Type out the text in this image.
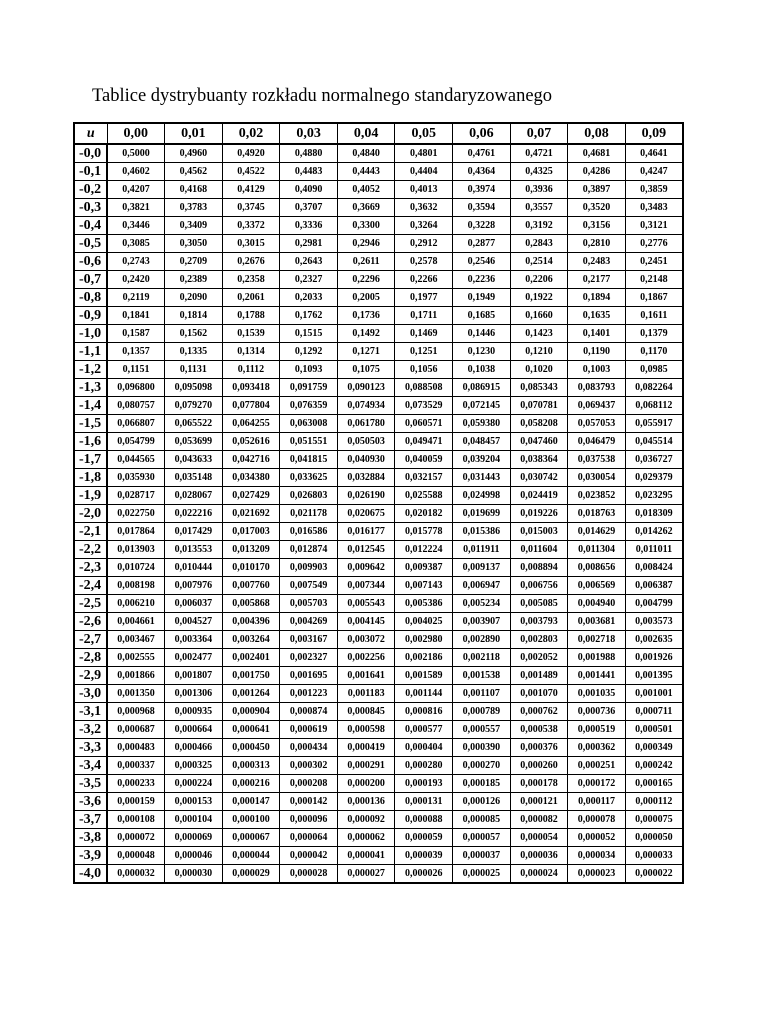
Tablice dystrybuanty rozkładu normalnego standaryzowanego
u	0,00	0,01	0,02	0,03	0,04	0,05	0,06	0,07	0,08	0,09
-0,0	0,5000	0,4960	0,4920	0,4880	0,4840	0,4801	0,4761	0,4721	0,4681	0,4641
-0,1	0,4602	0,4562	0,4522	0,4483	0,4443	0,4404	0,4364	0,4325	0,4286	0,4247
-0,2	0,4207	0,4168	0,4129	0,4090	0,4052	0,4013	0,3974	0,3936	0,3897	0,3859
-0,3	0,3821	0,3783	0,3745	0,3707	0,3669	0,3632	0,3594	0,3557	0,3520	0,3483
-0,4	0,3446	0,3409	0,3372	0,3336	0,3300	0,3264	0,3228	0,3192	0,3156	0,3121
-0,5	0,3085	0,3050	0,3015	0,2981	0,2946	0,2912	0,2877	0,2843	0,2810	0,2776
-0,6	0,2743	0,2709	0,2676	0,2643	0,2611	0,2578	0,2546	0,2514	0,2483	0,2451
-0,7	0,2420	0,2389	0,2358	0,2327	0,2296	0,2266	0,2236	0,2206	0,2177	0,2148
-0,8	0,2119	0,2090	0,2061	0,2033	0,2005	0,1977	0,1949	0,1922	0,1894	0,1867
-0,9	0,1841	0,1814	0,1788	0,1762	0,1736	0,1711	0,1685	0,1660	0,1635	0,1611
-1,0	0,1587	0,1562	0,1539	0,1515	0,1492	0,1469	0,1446	0,1423	0,1401	0,1379
-1,1	0,1357	0,1335	0,1314	0,1292	0,1271	0,1251	0,1230	0,1210	0,1190	0,1170
-1,2	0,1151	0,1131	0,1112	0,1093	0,1075	0,1056	0,1038	0,1020	0,1003	0,0985
-1,3	0,096800	0,095098	0,093418	0,091759	0,090123	0,088508	0,086915	0,085343	0,083793	0,082264
-1,4	0,080757	0,079270	0,077804	0,076359	0,074934	0,073529	0,072145	0,070781	0,069437	0,068112
-1,5	0,066807	0,065522	0,064255	0,063008	0,061780	0,060571	0,059380	0,058208	0,057053	0,055917
-1,6	0,054799	0,053699	0,052616	0,051551	0,050503	0,049471	0,048457	0,047460	0,046479	0,045514
-1,7	0,044565	0,043633	0,042716	0,041815	0,040930	0,040059	0,039204	0,038364	0,037538	0,036727
-1,8	0,035930	0,035148	0,034380	0,033625	0,032884	0,032157	0,031443	0,030742	0,030054	0,029379
-1,9	0,028717	0,028067	0,027429	0,026803	0,026190	0,025588	0,024998	0,024419	0,023852	0,023295
-2,0	0,022750	0,022216	0,021692	0,021178	0,020675	0,020182	0,019699	0,019226	0,018763	0,018309
-2,1	0,017864	0,017429	0,017003	0,016586	0,016177	0,015778	0,015386	0,015003	0,014629	0,014262
-2,2	0,013903	0,013553	0,013209	0,012874	0,012545	0,012224	0,011911	0,011604	0,011304	0,011011
-2,3	0,010724	0,010444	0,010170	0,009903	0,009642	0,009387	0,009137	0,008894	0,008656	0,008424
-2,4	0,008198	0,007976	0,007760	0,007549	0,007344	0,007143	0,006947	0,006756	0,006569	0,006387
-2,5	0,006210	0,006037	0,005868	0,005703	0,005543	0,005386	0,005234	0,005085	0,004940	0,004799
-2,6	0,004661	0,004527	0,004396	0,004269	0,004145	0,004025	0,003907	0,003793	0,003681	0,003573
-2,7	0,003467	0,003364	0,003264	0,003167	0,003072	0,002980	0,002890	0,002803	0,002718	0,002635
-2,8	0,002555	0,002477	0,002401	0,002327	0,002256	0,002186	0,002118	0,002052	0,001988	0,001926
-2,9	0,001866	0,001807	0,001750	0,001695	0,001641	0,001589	0,001538	0,001489	0,001441	0,001395
-3,0	0,001350	0,001306	0,001264	0,001223	0,001183	0,001144	0,001107	0,001070	0,001035	0,001001
-3,1	0,000968	0,000935	0,000904	0,000874	0,000845	0,000816	0,000789	0,000762	0,000736	0,000711
-3,2	0,000687	0,000664	0,000641	0,000619	0,000598	0,000577	0,000557	0,000538	0,000519	0,000501
-3,3	0,000483	0,000466	0,000450	0,000434	0,000419	0,000404	0,000390	0,000376	0,000362	0,000349
-3,4	0,000337	0,000325	0,000313	0,000302	0,000291	0,000280	0,000270	0,000260	0,000251	0,000242
-3,5	0,000233	0,000224	0,000216	0,000208	0,000200	0,000193	0,000185	0,000178	0,000172	0,000165
-3,6	0,000159	0,000153	0,000147	0,000142	0,000136	0,000131	0,000126	0,000121	0,000117	0,000112
-3,7	0,000108	0,000104	0,000100	0,000096	0,000092	0,000088	0,000085	0,000082	0,000078	0,000075
-3,8	0,000072	0,000069	0,000067	0,000064	0,000062	0,000059	0,000057	0,000054	0,000052	0,000050
-3,9	0,000048	0,000046	0,000044	0,000042	0,000041	0,000039	0,000037	0,000036	0,000034	0,000033
-4,0	0,000032	0,000030	0,000029	0,000028	0,000027	0,000026	0,000025	0,000024	0,000023	0,000022
